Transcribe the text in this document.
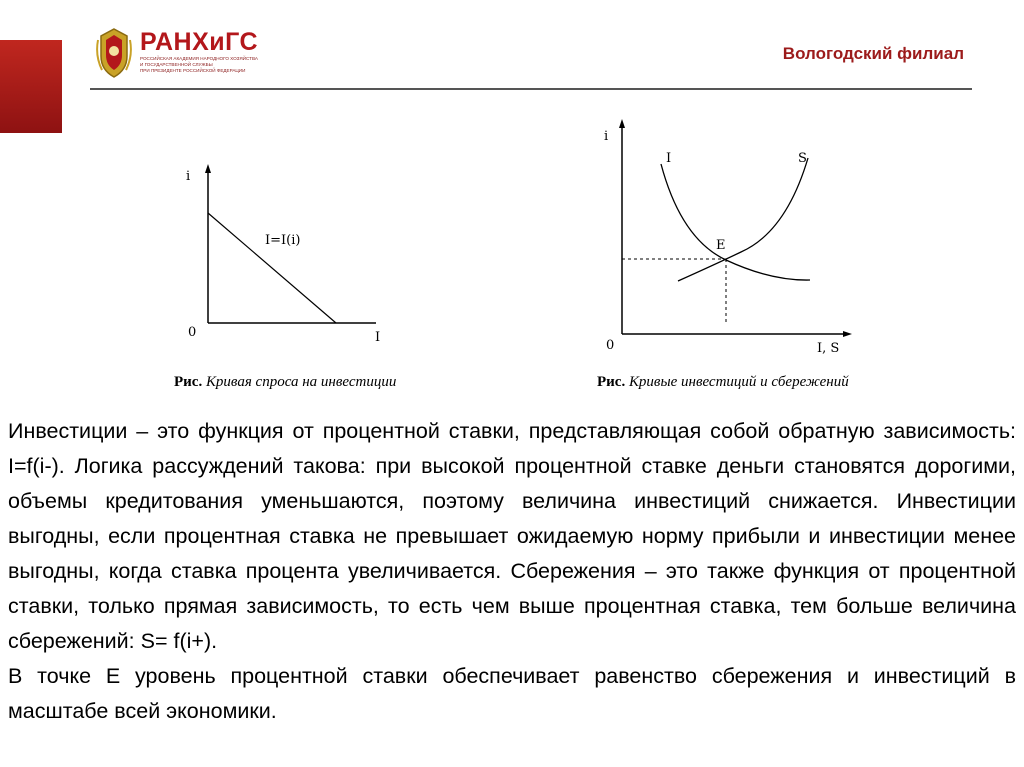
РАНХиГС
РОССИЙСКАЯ АКАДЕМИЯ НАРОДНОГО ХОЗЯЙСТВА
И ГОСУДАРСТВЕННОЙ СЛУЖБЫ
ПРИ ПРЕЗИДЕНТЕ РОССИЙСКОЙ ФЕДЕРАЦИИ
Вологодский филиал
i
0	I
I=I(i)
i
0	I, S
I	S
E
Рис. Кривая спроса на инвестиции	Рис. Кривые инвестиций и сбережений

Инвестиции – это функция от процентной ставки, представляющая собой обратную зависимость: I=f(i-). Логика рассуждений такова: при высокой процентной ставке деньги становятся дорогими, объемы кредитования уменьшаются, поэтому величина инвестиций снижается. Инвестиции выгодны, если процентная ставка не превышает ожидаемую норму прибыли и инвестиции менее выгодны, когда ставка процента увеличивается. Сбережения – это также функция от процентной ставки, только прямая зависимость, то есть чем выше процентная ставка, тем больше величина сбережений: S= f(i+).

В точке Е уровень процентной ставки обеспечивает равенство сбережения и инвестиций в масштабе всей экономики.
